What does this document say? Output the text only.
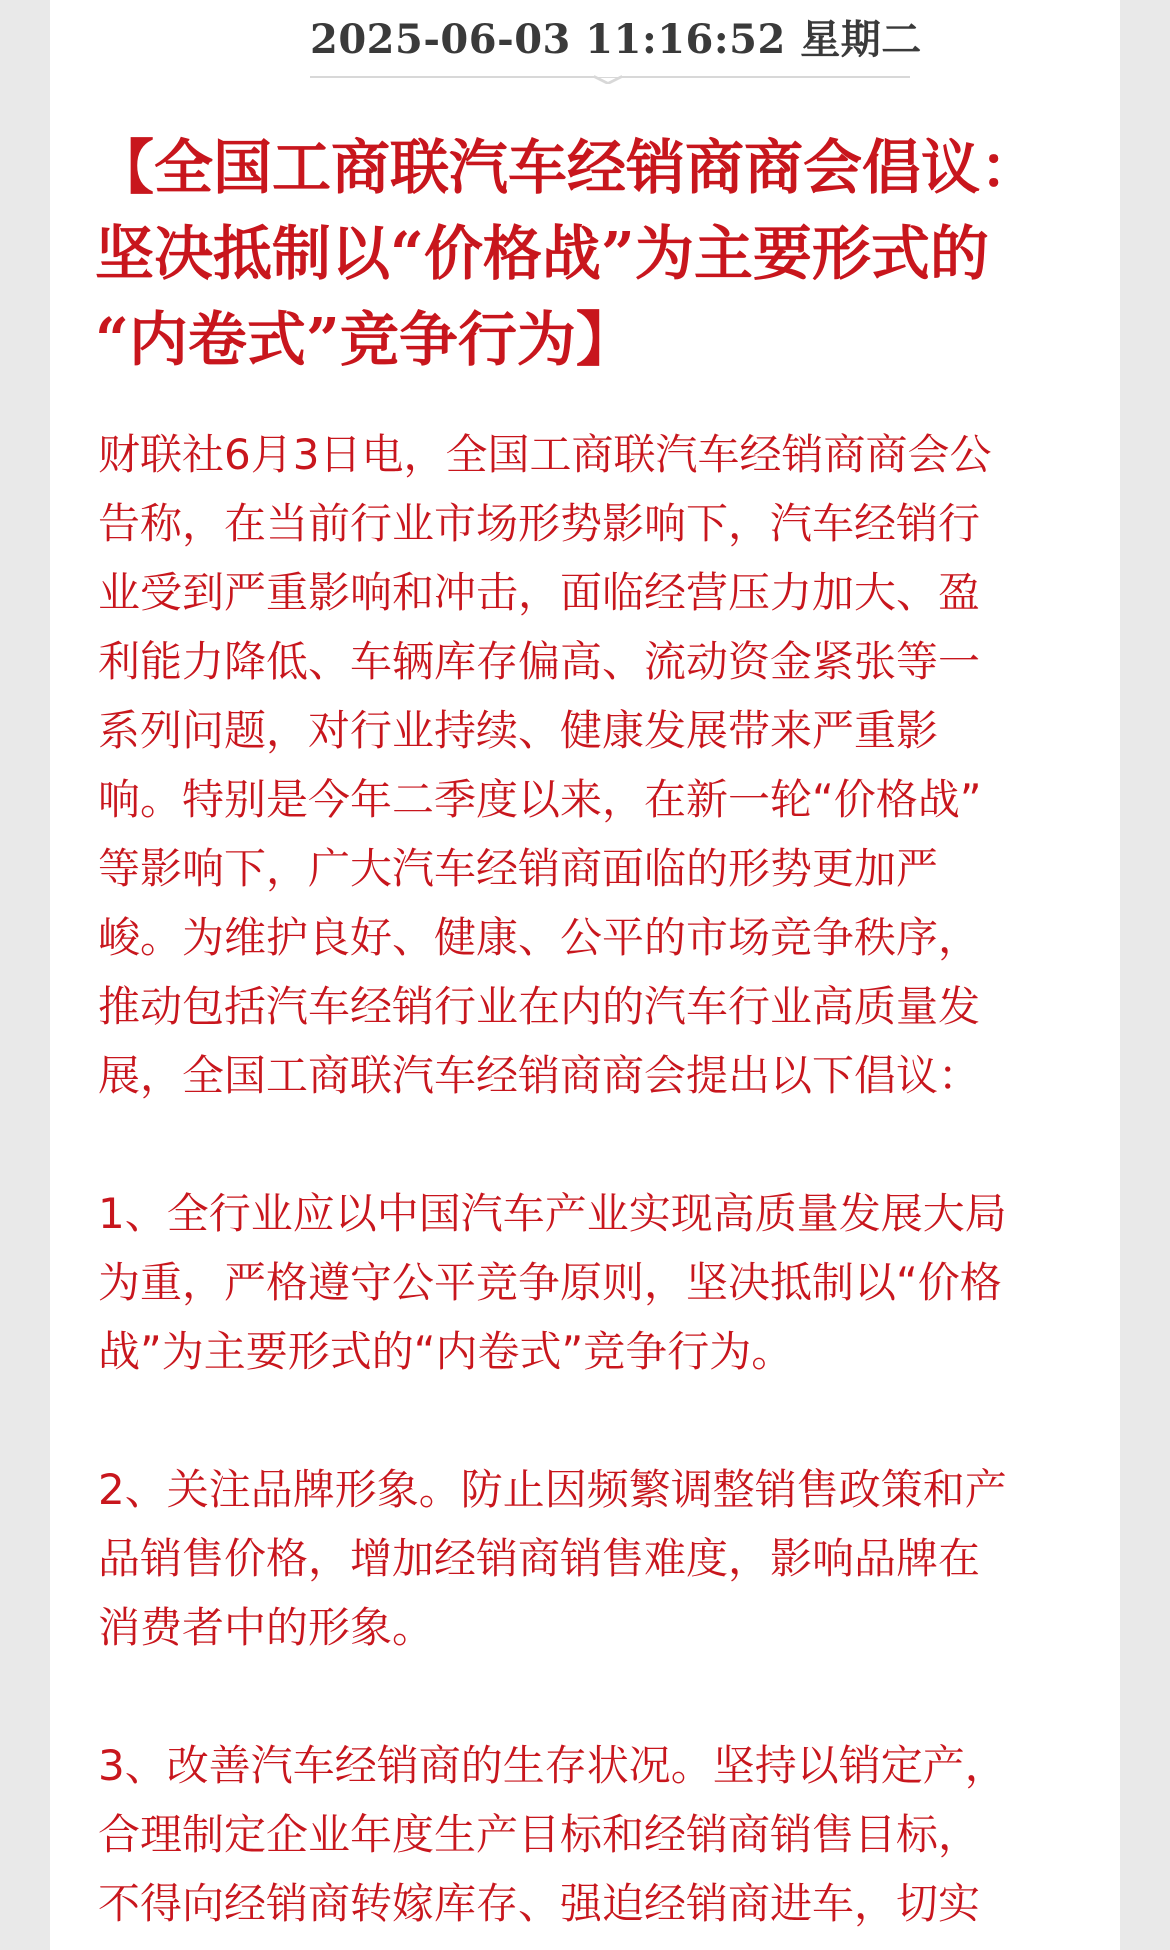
2025-06-03 11:16:52 星期二
【全国工商联汽车经销商商会倡议：
坚决抵制以“价格战”为主要形式的
“内卷式”竞争行为】
财联社6月3日电，全国工商联汽车经销商商会公
告称，在当前行业市场形势影响下，汽车经销行
业受到严重影响和冲击，面临经营压力加大、盈
利能力降低、车辆库存偏高、流动资金紧张等一
系列问题，对行业持续、健康发展带来严重影
响。特别是今年二季度以来，在新一轮“价格战”
等影响下，广大汽车经销商面临的形势更加严
峻。为维护良好、健康、公平的市场竞争秩序，
推动包括汽车经销行业在内的汽车行业高质量发
展，全国工商联汽车经销商商会提出以下倡议：
1、全行业应以中国汽车产业实现高质量发展大局
为重，严格遵守公平竞争原则，坚决抵制以“价格
战”为主要形式的“内卷式”竞争行为。
2、关注品牌形象。防止因频繁调整销售政策和产
品销售价格，增加经销商销售难度，影响品牌在
消费者中的形象。
3、改善汽车经销商的生存状况。坚持以销定产，
合理制定企业年度生产目标和经销商销售目标，
不得向经销商转嫁库存、强迫经销商进车，切实
